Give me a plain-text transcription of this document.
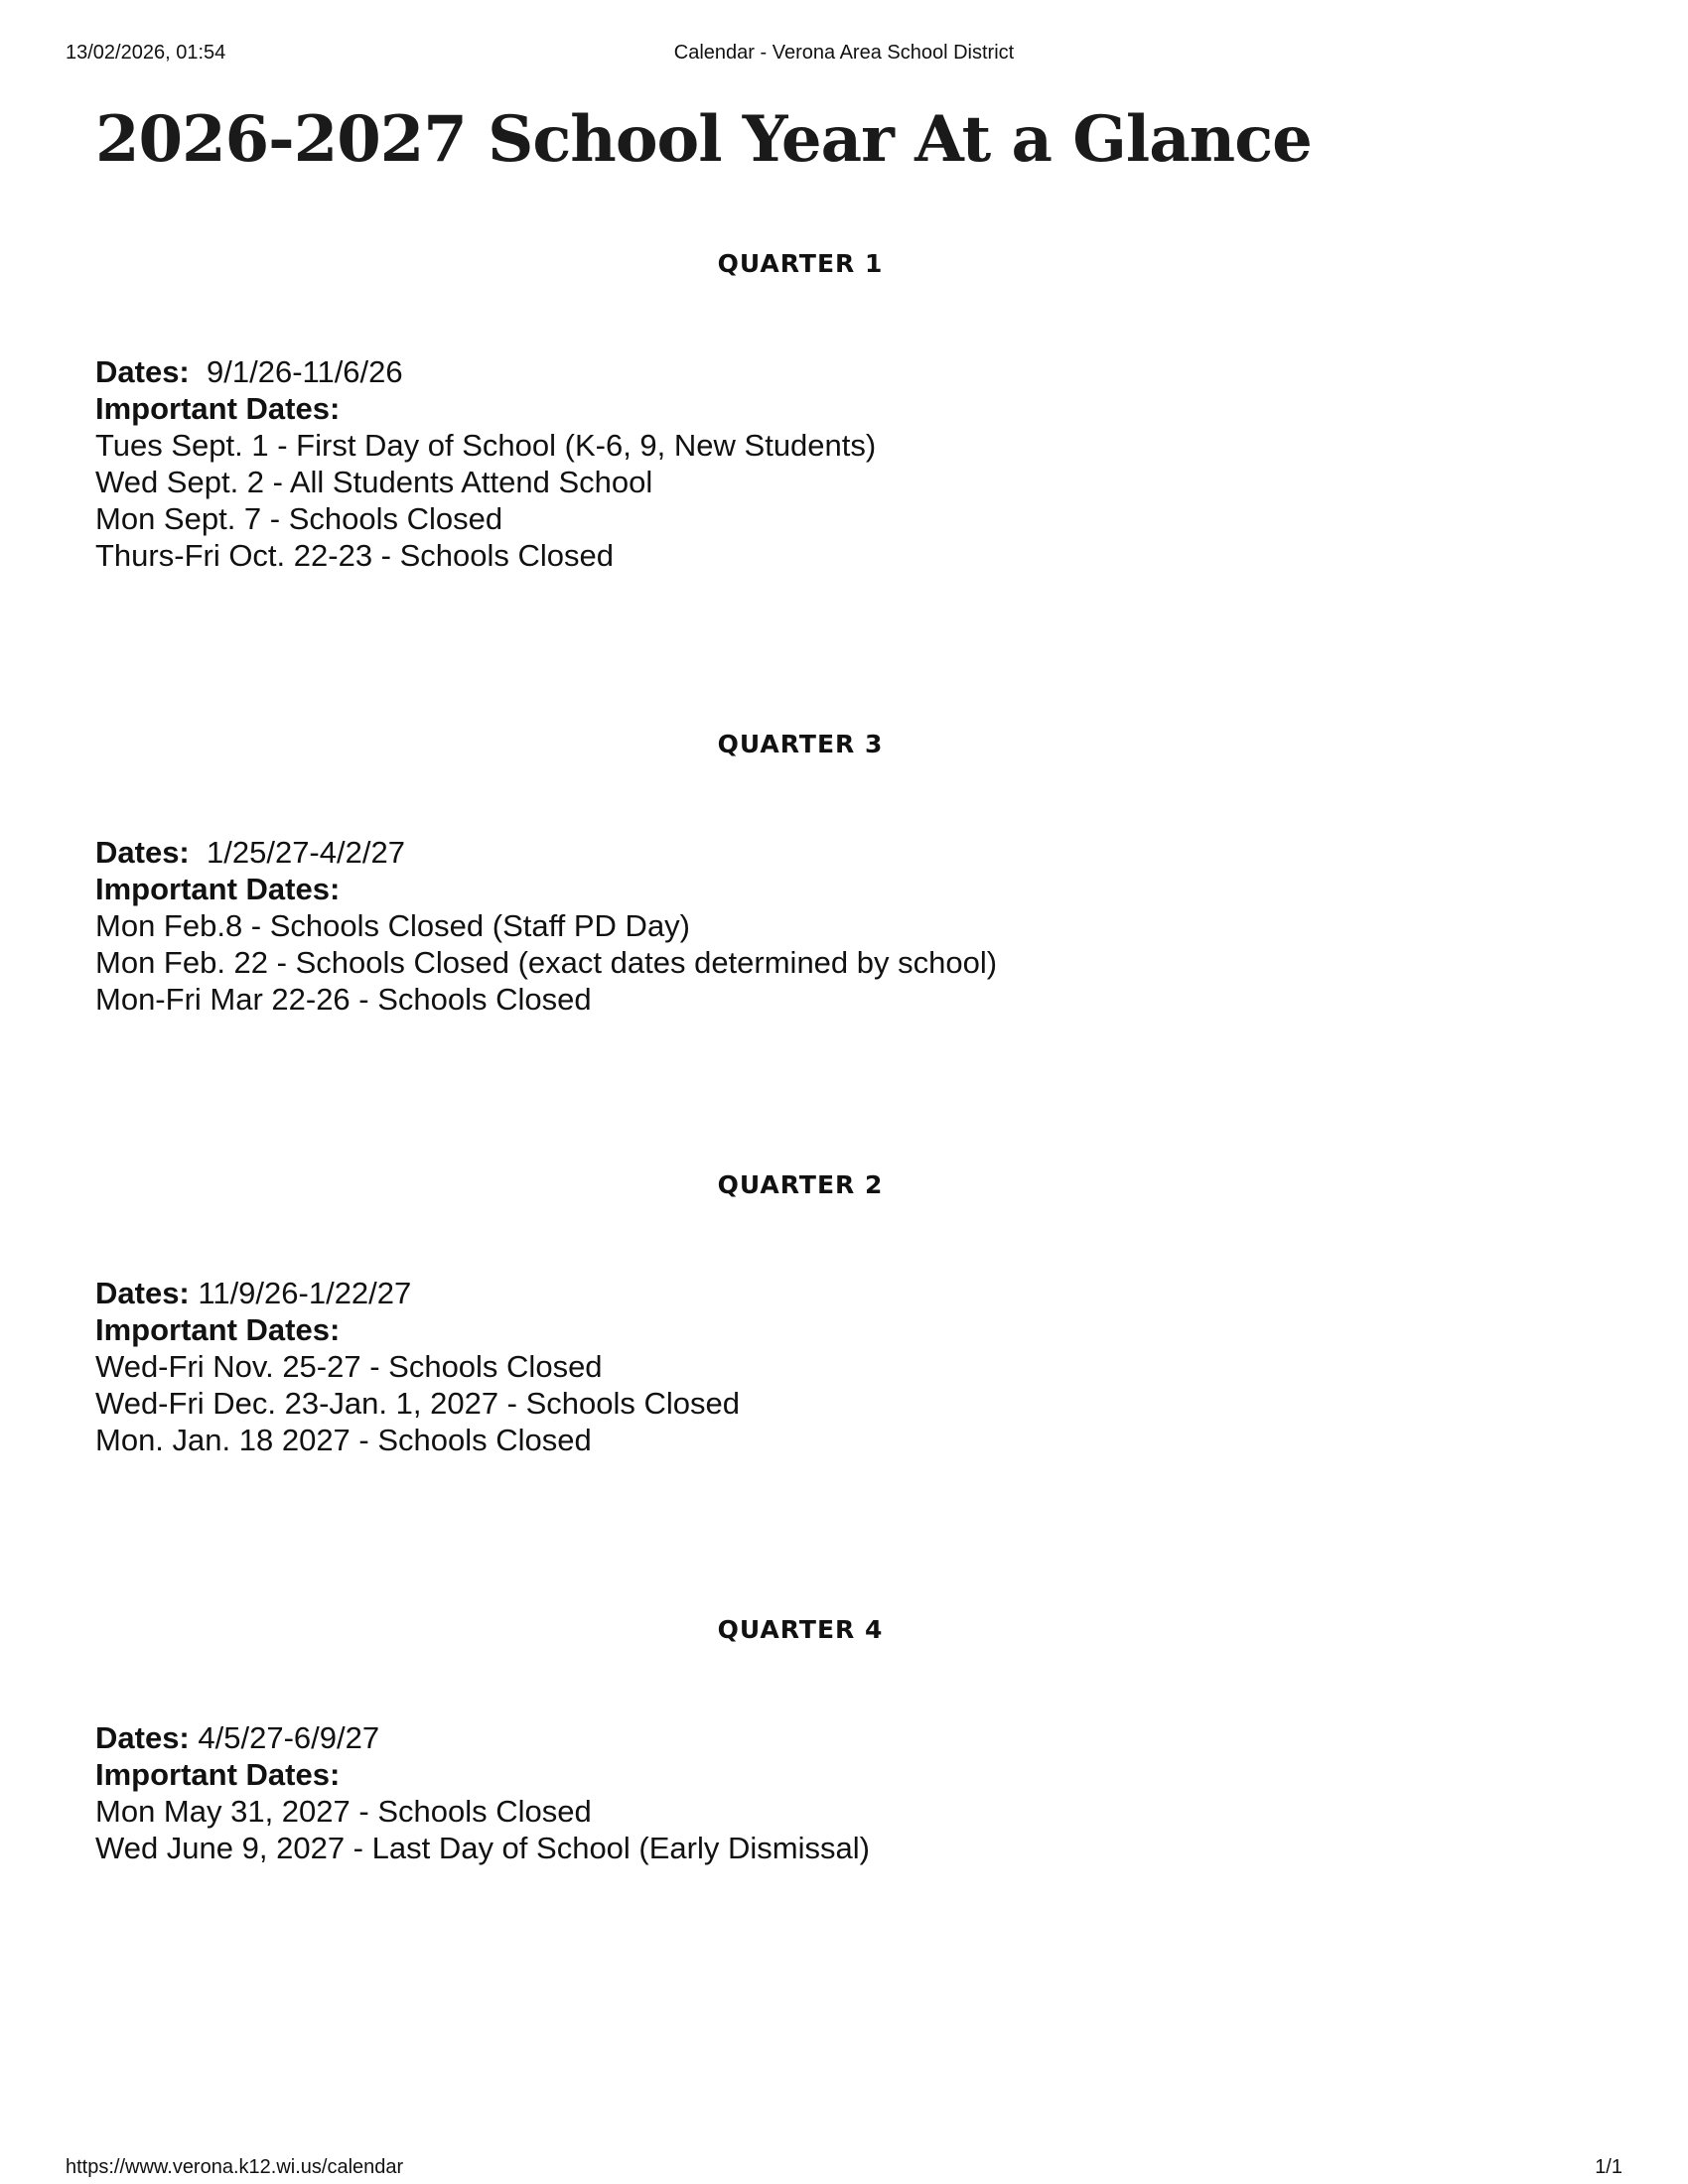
13/02/2026, 01:54	Calendar - Verona Area School District
2026-2027 School Year At a Glance
QUARTER 1
Dates: 9/1/26-11/6/26
Important Dates:
Tues Sept. 1 - First Day of School (K-6, 9, New Students)
Wed Sept. 2 - All Students Attend School
Mon Sept. 7 - Schools Closed
Thurs-Fri Oct. 22-23 - Schools Closed
QUARTER 3
Dates: 1/25/27-4/2/27
Important Dates:
Mon Feb.8 - Schools Closed (Staff PD Day)
Mon Feb. 22 - Schools Closed (exact dates determined by school)
Mon-Fri Mar 22-26 - Schools Closed
QUARTER 2
Dates: 11/9/26-1/22/27
Important Dates:
Wed-Fri Nov. 25-27 - Schools Closed
Wed-Fri Dec. 23-Jan. 1, 2027 - Schools Closed
Mon. Jan. 18 2027 - Schools Closed
QUARTER 4
Dates: 4/5/27-6/9/27
Important Dates:
Mon May 31, 2027 - Schools Closed
Wed June 9, 2027 - Last Day of School (Early Dismissal)
https://www.verona.k12.wi.us/calendar	1/1
